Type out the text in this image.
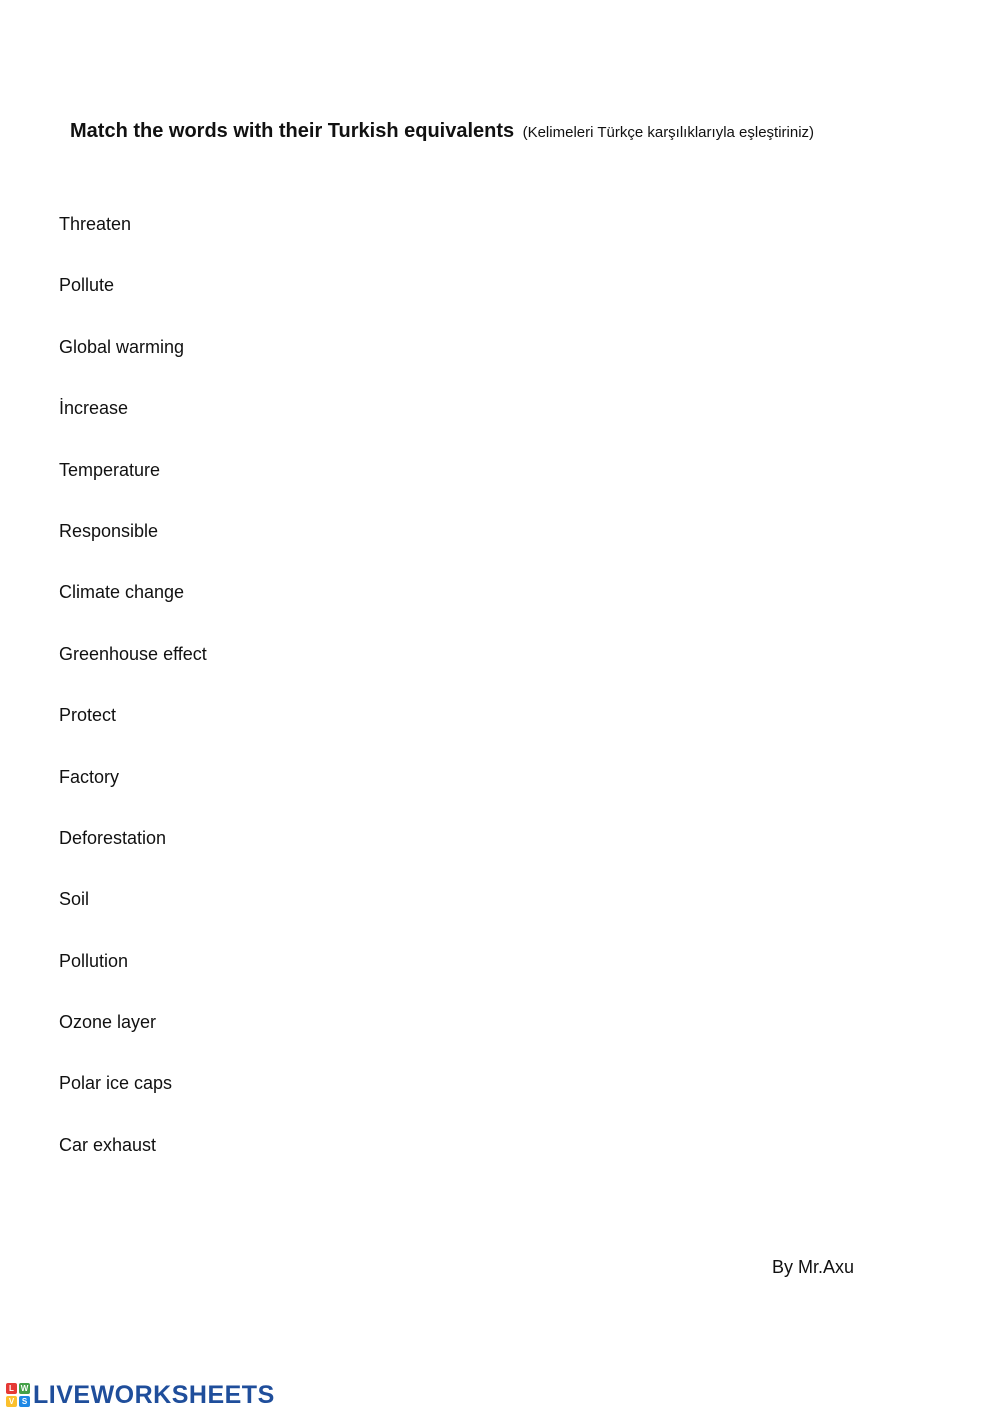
Match the words with their Turkish equivalents (Kelimeleri Türkçe karşılıklarıyla eşleştiriniz)
Threaten
Pollute
Global warming
İncrease
Temperature
Responsible
Climate change
Greenhouse effect
Protect
Factory
Deforestation
Soil
Pollution
Ozone layer
Polar ice caps
Car exhaust
By Mr.Axu
L W
V S LIVEWORKSHEETS
